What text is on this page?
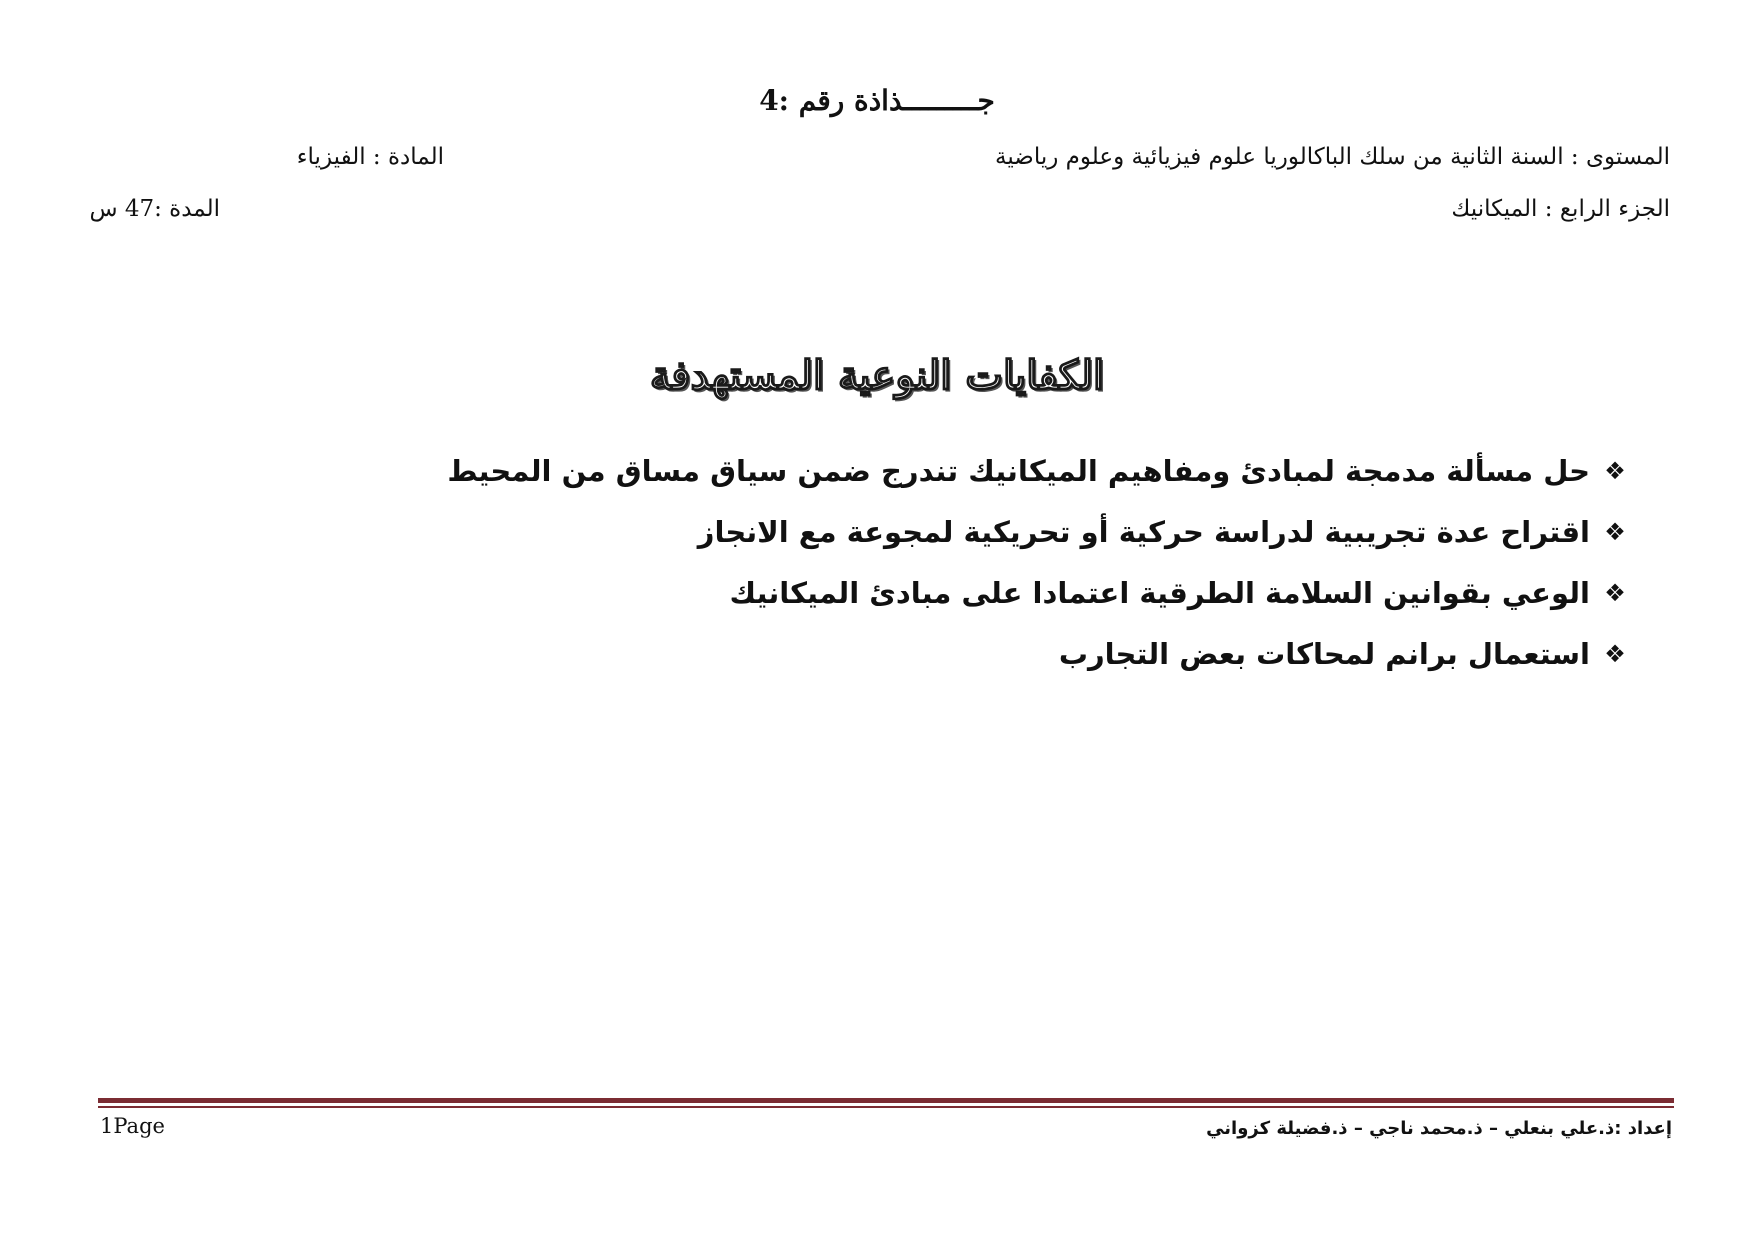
جـــــــــذاذة رقم :4
المستوى : السنة الثانية من سلك الباكالوريا علوم فيزيائية وعلوم رياضية
المادة : الفيزياء
الجزء الرابع : الميكانيك
المدة :47 س
الكفايات النوعية المستهدفة
❖
حل مسألة مدمجة لمبادئ ومفاهيم الميكانيك تندرج ضمن سياق مساق من المحيط
❖
اقتراح عدة تجريبية لدراسة حركية أو تحريكية لمجوعة مع الانجاز
❖
الوعي بقوانين السلامة الطرقية اعتمادا على مبادئ الميكانيك
❖
استعمال برانم لمحاكات بعض التجارب
1Page	إعداد :ذ.علي بنعلي – ذ.محمد ناجي – ذ.فضيلة كزواني
